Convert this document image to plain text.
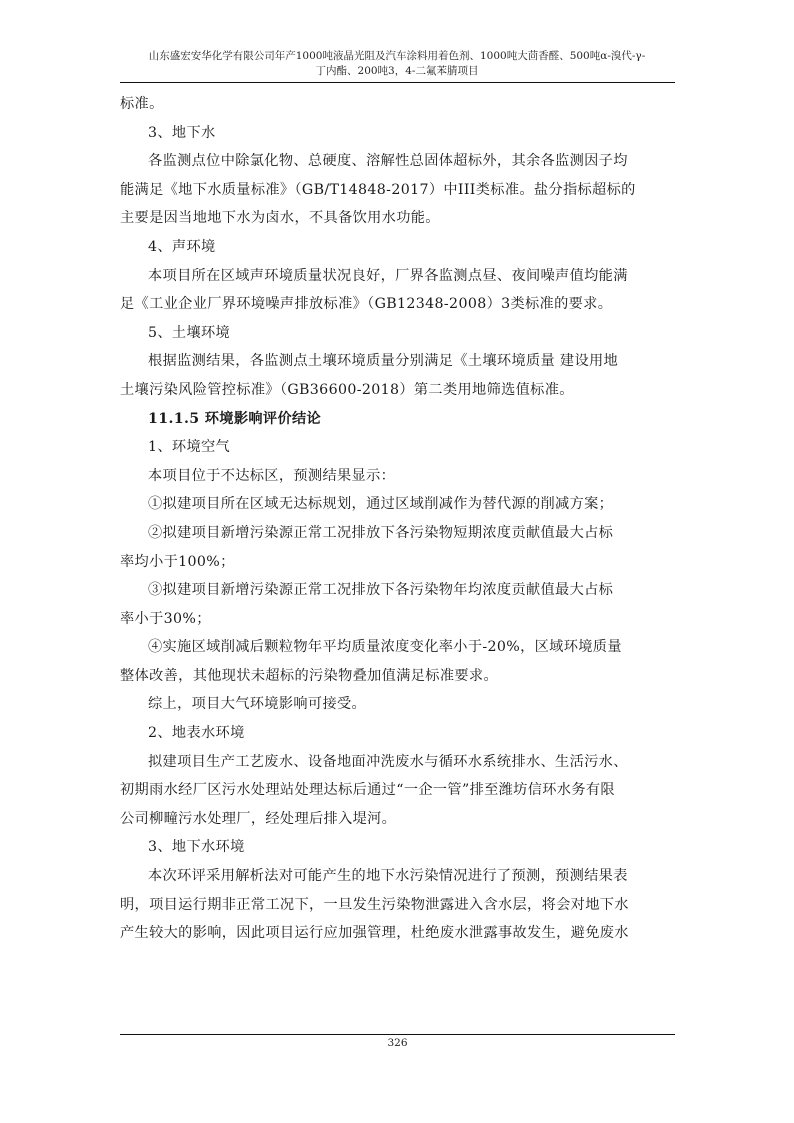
山东盛宏安华化学有限公司年产1000吨液晶光阻及汽车涂料用着色剂、1000吨大茴香醛、500吨α-溴代-γ-
丁内酯、200吨3，4-二氟苯腈项目

标准。

3、地下水

各监测点位中除氯化物、总硬度、溶解性总固体超标外，其余各监测因子均

能满足《地下水质量标准》（GB/T14848-2017）中III类标准。盐分指标超标的

主要是因当地地下水为卤水，不具备饮用水功能。

4、声环境

本项目所在区域声环境质量状况良好，厂界各监测点昼、夜间噪声值均能满

足《工业企业厂界环境噪声排放标准》（GB12348-2008）3类标准的要求。

5、土壤环境

根据监测结果，各监测点土壤环境质量分别满足《土壤环境质量 建设用地

土壤污染风险管控标准》（GB36600-2018）第二类用地筛选值标准。

11.1.5 环境影响评价结论

1、环境空气

本项目位于不达标区，预测结果显示：

①拟建项目所在区域无达标规划，通过区域削减作为替代源的削减方案；

②拟建项目新增污染源正常工况排放下各污染物短期浓度贡献值最大占标

率均小于100%；

③拟建项目新增污染源正常工况排放下各污染物年均浓度贡献值最大占标

率小于30%；

④实施区域削减后颗粒物年平均质量浓度变化率小于-20%，区域环境质量

整体改善，其他现状未超标的污染物叠加值满足标准要求。

综上，项目大气环境影响可接受。

2、地表水环境

拟建项目生产工艺废水、设备地面冲洗废水与循环水系统排水、生活污水、

初期雨水经厂区污水处理站处理达标后通过“一企一管”排至潍坊信环水务有限

公司柳疃污水处理厂，经处理后排入堤河。

3、地下水环境

本次环评采用解析法对可能产生的地下水污染情况进行了预测，预测结果表

明，项目运行期非正常工况下，一旦发生污染物泄露进入含水层，将会对地下水

产生较大的影响，因此项目运行应加强管理，杜绝废水泄露事故发生，避免废水

326
